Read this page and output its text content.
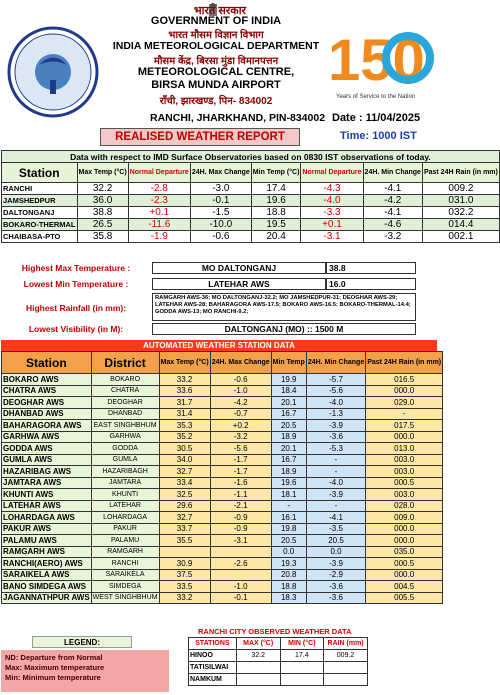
भारत सरकार
GOVERNMENT OF INDIA
भारत मौसम विज्ञान विभाग
INDIA METEOROLOGICAL DEPARTMENT
मौसम केंद्र, बिरसा मुंडा विमानपत्तन
METEOROLOGICAL CENTRE,
BIRSA MUNDA AIRPORT
राँची, झारखण्ड, पिन- 834002
150
Years of Service to the Nation
RANCHI, JHARKHAND, PIN-834002 Date : 11/04/2025
REALISED WEATHER REPORT	Time: 1000 IST
Data with respect to IMD Surface Observatories based on 0830 IST observations of today.							
Station	Max Temp (°C)	Normal Departure	24H. Max Change	Min Temp (°C)	Normal Departure	24H. Min Change	Past 24H Rain (in mm)
RANCHI	32.2	-2.8	-3.0	17.4	-4.3	-4.1	009.2
JAMSHEDPUR	36.0	-2.3	-0.1	19.6	-4.0	-4.2	031.0
DALTONGANJ	38.8	+0.1	-1.5	18.8	-3.3	-4.1	032.2
BOKARO-THERMAL	26.5	-11.6	-10.0	19.5	+0.1	-4.6	014.4
CHAIBASA-PTO	35.8	-1.9	-0.6	20.4	-3.1	-3.2	002.1
Highest Max Temperature :	MO DALTONGANJ	38.8
Lowest Min Temperature :	LATEHAR AWS	16.0
Highest Rainfall (in mm):
RAMGARH AWS-36; MO DALTONGANJ-32.2; MO JAMSHEDPUR-31; DEOGHAR AWS-29; LATEHAR AWS-28; BAHARAGORA AWS-17.5; BOKARO AWS-16.5; BOKARO-THERMAL-14.4; GODDA AWS-13; MO RANCHI-9.2;
Lowest Visibility (in M):	DALTONGANJ (MO) :: 1500 M
AUTOMATED WEATHER STATION DATA
Station	District	Max Temp (°C)	24H. Max Change	Min Temp	24H. Min Change	Past 24H Rain (in mm)
BOKARO AWS	BOKARO	33.2	-0.6	19.9	-5.7	016.5
CHATRA AWS	CHATRA	33.6	-1.0	18.4	-5.6	000.0
DEOGHAR AWS	DEOGHAR	31.7	-4.2	20.1	-4.0	029.0
DHANBAD AWS	DHANBAD	31.4	-0.7	16.7	-1.3	-
BAHARAGORA AWS	EAST SINGHBHUM	35.3	+0.2	20.5	-3.9	017.5
GARHWA AWS	GARHWA	35.2	-3.2	18.9	-3.6	000.0
GODDA AWS	GODDA	30.5	-5.6	20.1	-5.3	013.0
GUMLA AWS	GUMLA	34.0	-1.7	16.7	-	003.0
HAZARIBAG AWS	HAZARIBAGH	32.7	-1.7	18.9	-	003.0
JAMTARA AWS	JAMTARA	33.4	-1.6	19.6	-4.0	000.5
KHUNTI AWS	KHUNTI	32.5	-1.1	18.1	-3.9	003.0
LATEHAR AWS	LATEHAR	29.6	-2.1	-	-	028.0
LOHARDAGA AWS	LOHARDAGA	32.7	-0.9	16.1	-4.1	009.0
PAKUR AWS	PAKUR	33.7	-0.9	19.8	-3.5	000.0
PALAMU AWS	PALAMU	35.5	-3.1	20.5	20.5	000.0
RAMGARH AWS	RAMGARH			0.0	0.0	035.0
RANCHI(AERO) AWS	RANCHI	30.9	-2.6	19.3	-3.9	000.5
SARAIKELA AWS	SARAIKELA	37.5		20.8	-2.9	000.0
BANO SIMDEGA AWS	SIMDEGA	33.5	-1.0	18.8	-3.6	004.5
JAGANNATHPUR AWS	WEST SINGHBHUM	33.2	-0.1	18.3	-3.6	005.5
LEGEND:
ND: Departure from Normal
Max: Maximum temperature
Min: Minimum temperature
RANCHI CITY OBSERVED WEATHER DATA
STATIONS	MAX (°C)	MIN (°C)	RAIN (mm)
HINOO	32.2	17.4	009.2
TATISILWAI			
NAMKUM			
